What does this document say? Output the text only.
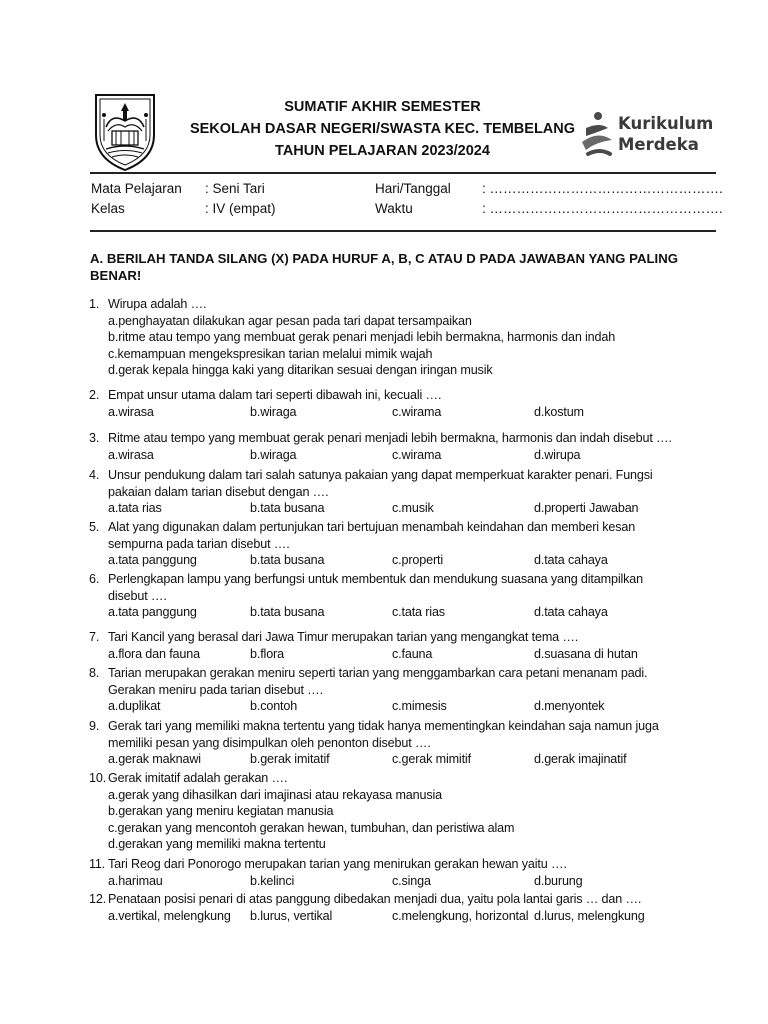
SUMATIF AKHIR SEMESTER
SEKOLAH DASAR NEGERI/SWASTA KEC. TEMBELANG
TAHUN PELAJARAN 2023/2024
Kurikulum
Merdeka
Mata Pelajaran : Seni Tari	Hari/Tanggal : …………………………………………….
Kelas	: IV (empat)	Waktu	: …………………………………………….
A. BERILAH TANDA SILANG (X) PADA HURUF A, B, C ATAU D PADA JAWABAN YANG PALING BENAR!
1. Wirupa adalah ….
a.penghayatan dilakukan agar pesan pada tari dapat tersampaikan
b.ritme atau tempo yang membuat gerak penari menjadi lebih bermakna, harmonis dan indah
c.kemampuan mengekspresikan tarian melalui mimik wajah
d.gerak kepala hingga kaki yang ditarikan sesuai dengan iringan musik
2. Empat unsur utama dalam tari seperti dibawah ini, kecuali ….
a.wirasa	b.wiraga	c.wirama	d.kostum
3. Ritme atau tempo yang membuat gerak penari menjadi lebih bermakna, harmonis dan indah disebut ….
a.wirasa	b.wiraga	c.wirama	d.wirupa
4. Unsur pendukung dalam tari salah satunya pakaian yang dapat memperkuat karakter penari. Fungsi
pakaian dalam tarian disebut dengan ….
a.tata rias	b.tata busana	c.musik	d.properti Jawaban
5. Alat yang digunakan dalam pertunjukan tari bertujuan menambah keindahan dan memberi kesan
sempurna pada tarian disebut ….
a.tata panggung	b.tata busana	c.properti	d.tata cahaya
6. Perlengkapan lampu yang berfungsi untuk membentuk dan mendukung suasana yang ditampilkan
disebut ….
a.tata panggung	b.tata busana	c.tata rias	d.tata cahaya
7. Tari Kancil yang berasal dari Jawa Timur merupakan tarian yang mengangkat tema ….
a.flora dan fauna	b.flora	c.fauna	d.suasana di hutan
8. Tarian merupakan gerakan meniru seperti tarian yang menggambarkan cara petani menanam padi.
Gerakan meniru pada tarian disebut ….
a.duplikat	b.contoh	c.mimesis	d.menyontek
9. Gerak tari yang memiliki makna tertentu yang tidak hanya mementingkan keindahan saja namun juga
memiliki pesan yang disimpulkan oleh penonton disebut ….
a.gerak maknawi	b.gerak imitatif	c.gerak mimitif	d.gerak imajinatif
10. Gerak imitatif adalah gerakan ….
a.gerak yang dihasilkan dari imajinasi atau rekayasa manusia
b.gerakan yang meniru kegiatan manusia
c.gerakan yang mencontoh gerakan hewan, tumbuhan, dan peristiwa alam
d.gerakan yang memiliki makna tertentu
11. Tari Reog dari Ponorogo merupakan tarian yang menirukan gerakan hewan yaitu ….
a.harimau	b.kelinci	c.singa	d.burung
12. Penataan posisi penari di atas panggung dibedakan menjadi dua, yaitu pola lantai garis … dan ….
a.vertikal, melengkung	b.lurus, vertikal	c.melengkung, horizontal d.lurus, melengkung
